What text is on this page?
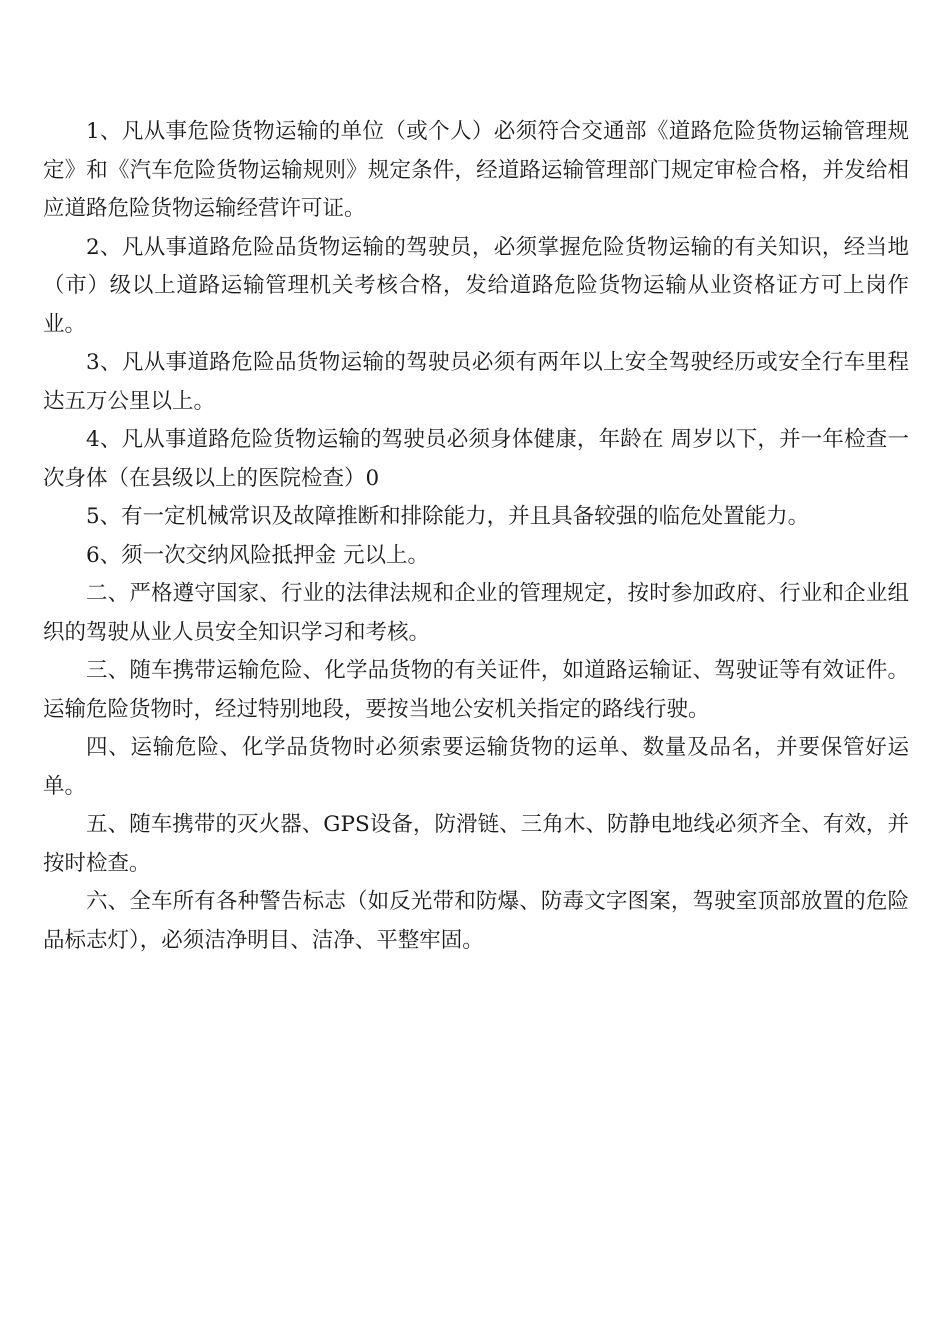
1、凡从事危险货物运输的单位（或个人）必须符合交通部《道路危险货物运输管理规定》和《汽车危险货物运输规则》规定条件，经道路运输管理部门规定审检合格，并发给相应道路危险货物运输经营许可证。

2、凡从事道路危险品货物运输的驾驶员，必须掌握危险货物运输的有关知识，经当地（市）级以上道路运输管理机关考核合格，发给道路危险货物运输从业资格证方可上岗作业。

3、凡从事道路危险品货物运输的驾驶员必须有两年以上安全驾驶经历或安全行车里程达五万公里以上。

4、凡从事道路危险货物运输的驾驶员必须身体健康，年龄在 周岁以下，并一年检查一次身体（在县级以上的医院检查）0

5、有一定机械常识及故障推断和排除能力，并且具备较强的临危处置能力。

6、须一次交纳风险抵押金 元以上。

二、严格遵守国家、行业的法律法规和企业的管理规定，按时参加政府、行业和企业组织的驾驶从业人员安全知识学习和考核。

三、随车携带运输危险、化学品货物的有关证件，如道路运输证、驾驶证等有效证件。运输危险货物时，经过特别地段，要按当地公安机关指定的路线行驶。

四、运输危险、化学品货物时必须索要运输货物的运单、数量及品名，并要保管好运单。

五、随车携带的灭火器、GPS设备，防滑链、三角木、防静电地线必须齐全、有效，并按时检查。

六、全车所有各种警告标志（如反光带和防爆、防毒文字图案，驾驶室顶部放置的危险品标志灯），必须洁净明目、洁净、平整牢固。
